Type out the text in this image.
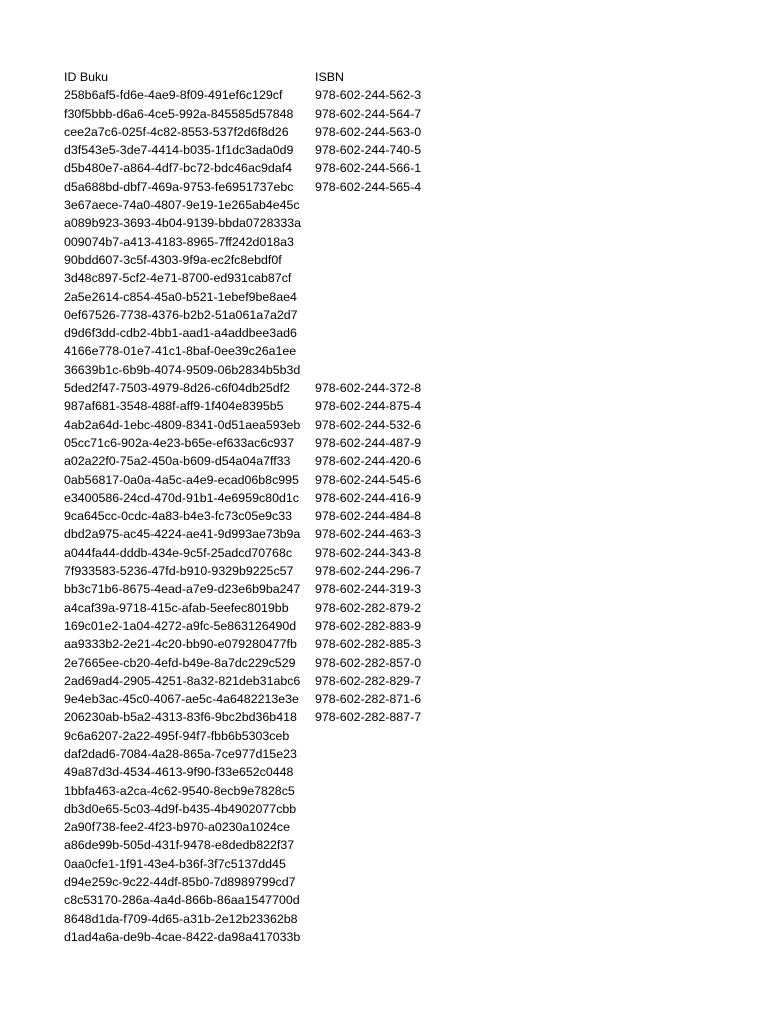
ID Buku	ISBN
258b6af5-fd6e-4ae9-8f09-491ef6c129cf	978-602-244-562-3
f30f5bbb-d6a6-4ce5-992a-845585d57848	978-602-244-564-7
cee2a7c6-025f-4c82-8553-537f2d6f8d26	978-602-244-563-0
d3f543e5-3de7-4414-b035-1f1dc3ada0d9	978-602-244-740-5
d5b480e7-a864-4df7-bc72-bdc46ac9daf4	978-602-244-566-1
d5a688bd-dbf7-469a-9753-fe6951737ebc	978-602-244-565-4
3e67aece-74a0-4807-9e19-1e265ab4e45c
a089b923-3693-4b04-9139-bbda0728333a
009074b7-a413-4183-8965-7ff242d018a3
90bdd607-3c5f-4303-9f9a-ec2fc8ebdf0f
3d48c897-5cf2-4e71-8700-ed931cab87cf
2a5e2614-c854-45a0-b521-1ebef9be8ae4
0ef67526-7738-4376-b2b2-51a061a7a2d7
d9d6f3dd-cdb2-4bb1-aad1-a4addbee3ad6
4166e778-01e7-41c1-8baf-0ee39c26a1ee
36639b1c-6b9b-4074-9509-06b2834b5b3d
5ded2f47-7503-4979-8d26-c6f04db25df2	978-602-244-372-8
987af681-3548-488f-aff9-1f404e8395b5	978-602-244-875-4
4ab2a64d-1ebc-4809-8341-0d51aea593eb	978-602-244-532-6
05cc71c6-902a-4e23-b65e-ef633ac6c937	978-602-244-487-9
a02a22f0-75a2-450a-b609-d54a04a7ff33	978-602-244-420-6
0ab56817-0a0a-4a5c-a4e9-ecad06b8c995	978-602-244-545-6
e3400586-24cd-470d-91b1-4e6959c80d1c	978-602-244-416-9
9ca645cc-0cdc-4a83-b4e3-fc73c05e9c33	978-602-244-484-8
dbd2a975-ac45-4224-ae41-9d993ae73b9a	978-602-244-463-3
a044fa44-dddb-434e-9c5f-25adcd70768c	978-602-244-343-8
7f933583-5236-47fd-b910-9329b9225c57	978-602-244-296-7
bb3c71b6-8675-4ead-a7e9-d23e6b9ba247	978-602-244-319-3
a4caf39a-9718-415c-afab-5eefec8019bb	978-602-282-879-2
169c01e2-1a04-4272-a9fc-5e863126490d	978-602-282-883-9
aa9333b2-2e21-4c20-bb90-e079280477fb	978-602-282-885-3
2e7665ee-cb20-4efd-b49e-8a7dc229c529	978-602-282-857-0
2ad69ad4-2905-4251-8a32-821deb31abc6	978-602-282-829-7
9e4eb3ac-45c0-4067-ae5c-4a6482213e3e	978-602-282-871-6
206230ab-b5a2-4313-83f6-9bc2bd36b418	978-602-282-887-7
9c6a6207-2a22-495f-94f7-fbb6b5303ceb
daf2dad6-7084-4a28-865a-7ce977d15e23
49a87d3d-4534-4613-9f90-f33e652c0448
1bbfa463-a2ca-4c62-9540-8ecb9e7828c5
db3d0e65-5c03-4d9f-b435-4b4902077cbb
2a90f738-fee2-4f23-b970-a0230a1024ce
a86de99b-505d-431f-9478-e8dedb822f37
0aa0cfe1-1f91-43e4-b36f-3f7c5137dd45
d94e259c-9c22-44df-85b0-7d8989799cd7
c8c53170-286a-4a4d-866b-86aa1547700d
8648d1da-f709-4d65-a31b-2e12b23362b8
d1ad4a6a-de9b-4cae-8422-da98a417033b
